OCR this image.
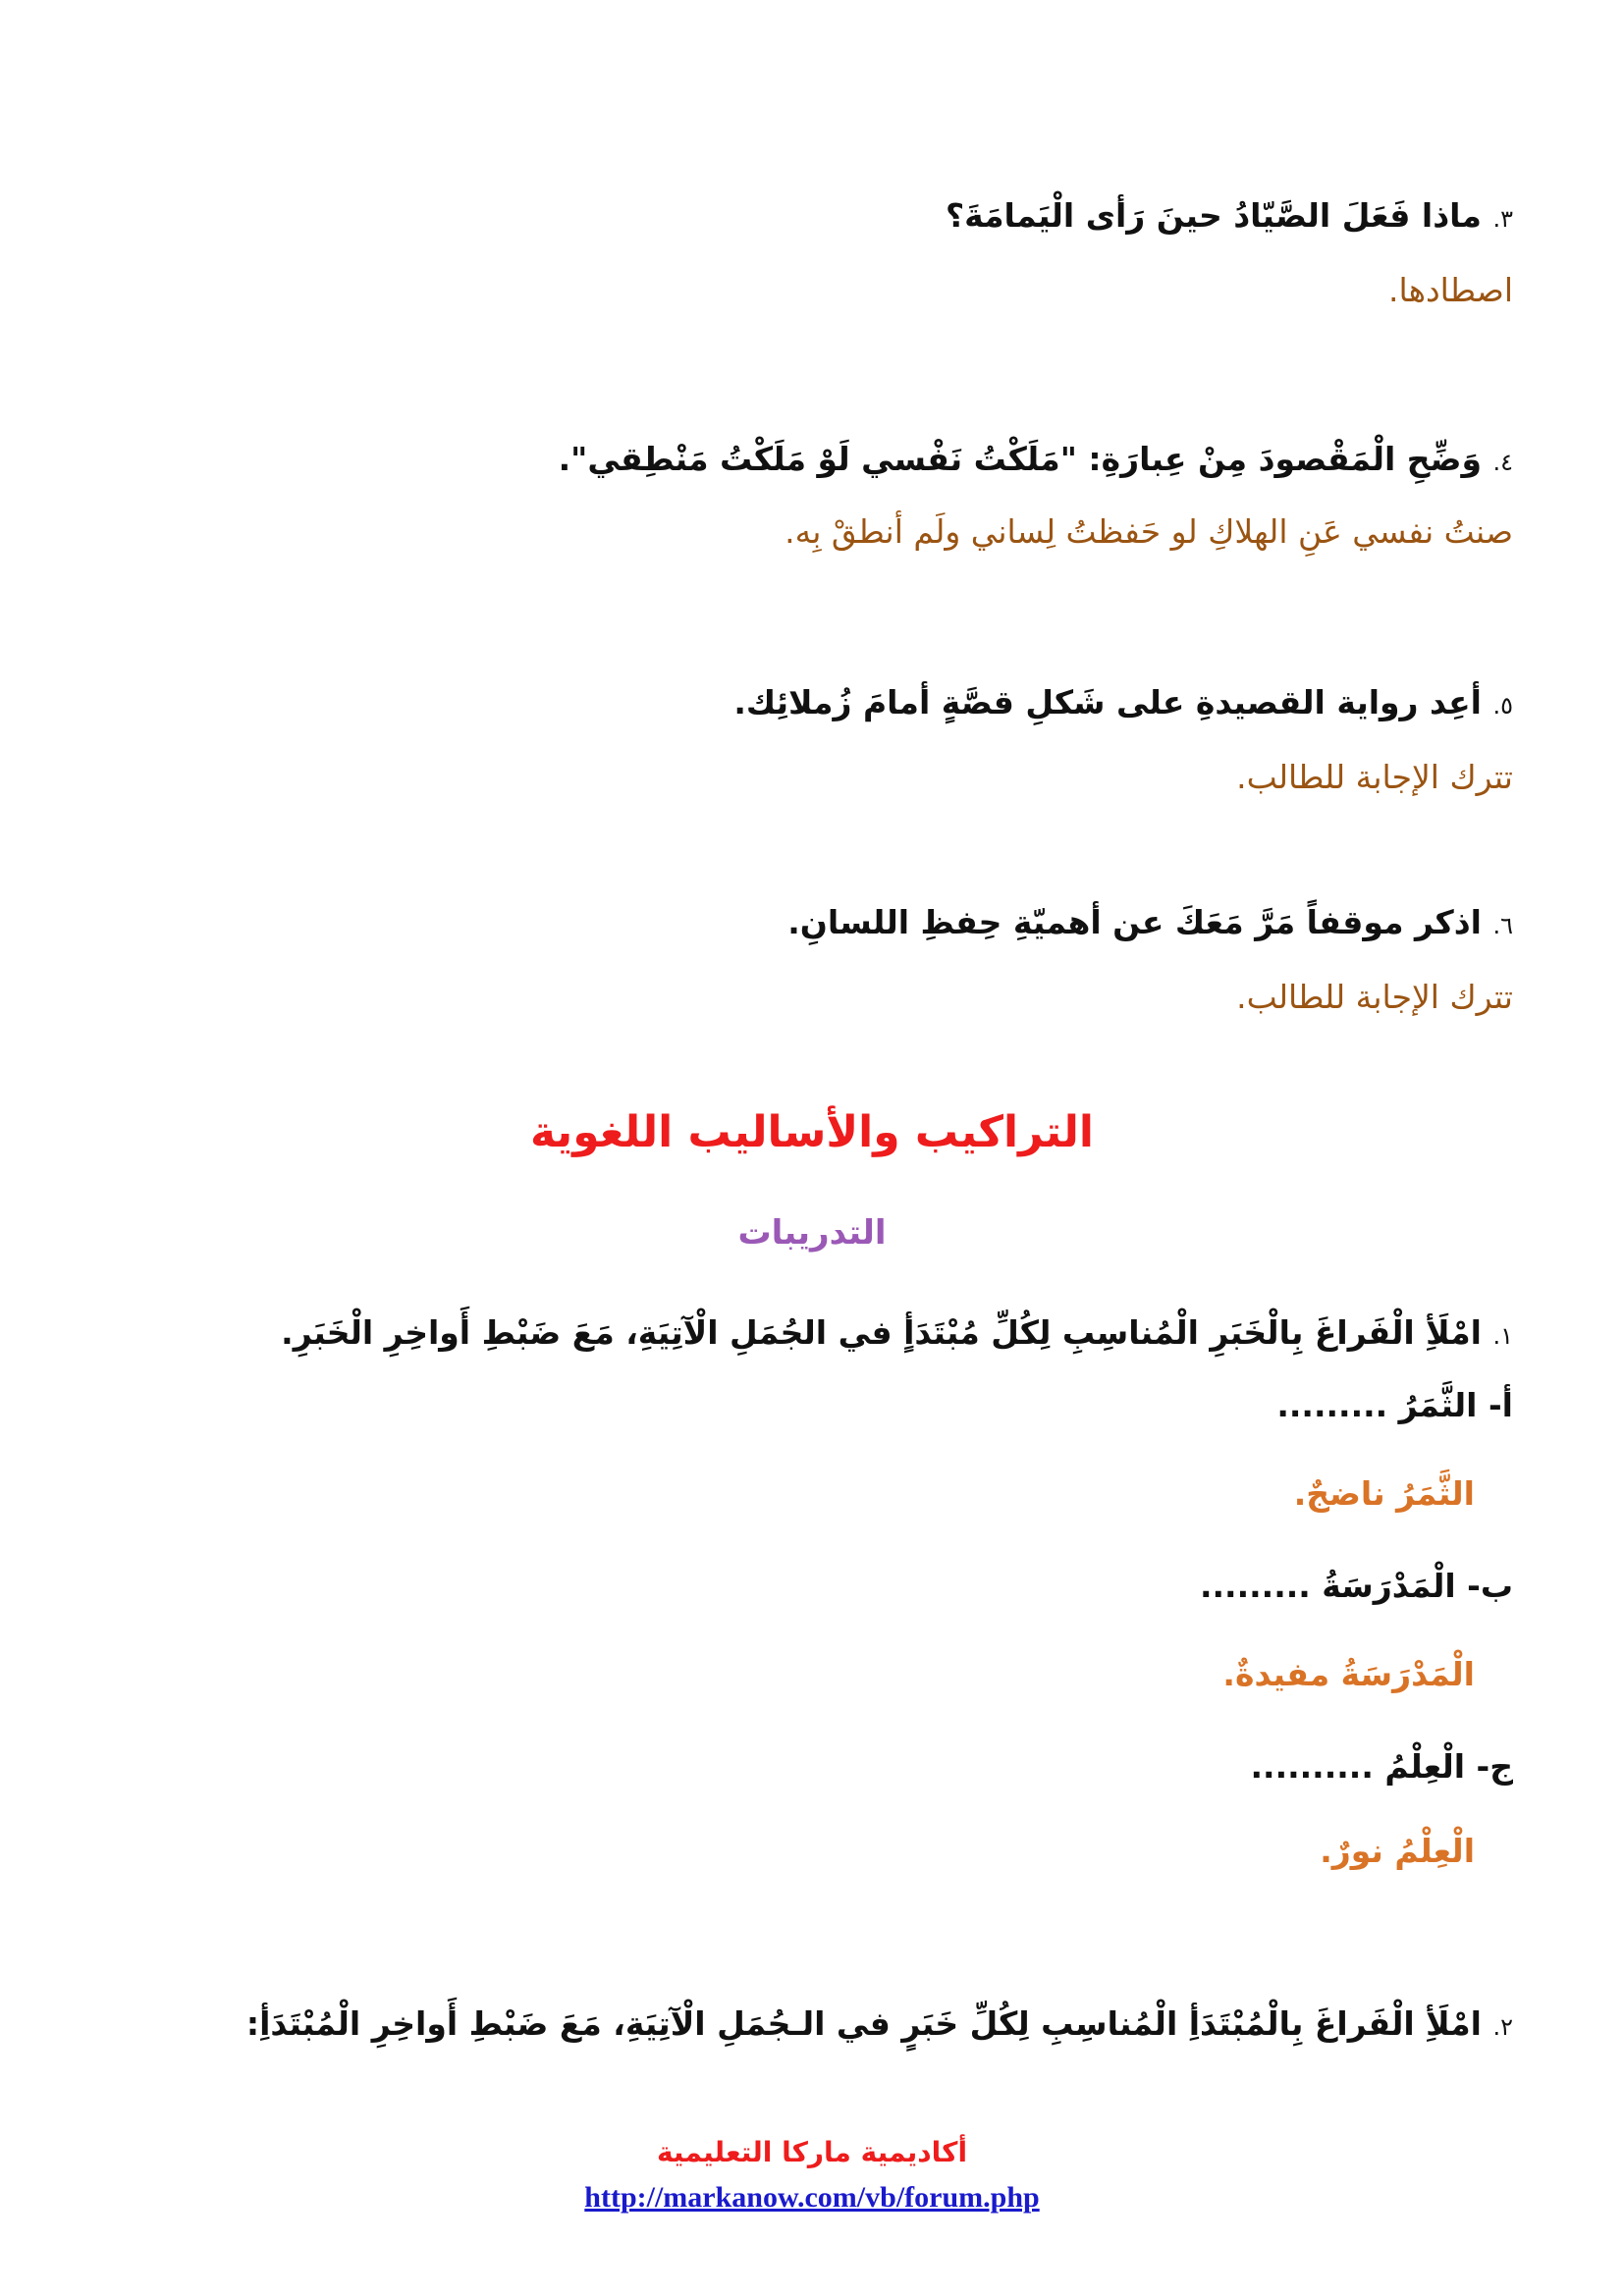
٣. ماذا فَعَلَ الصَّيّادُ حينَ رَأى الْيَمامَةَ؟
اصطادها.
٤. وَضِّحِ الْمَقْصودَ مِنْ عِبارَةِ: "مَلَكْتُ نَفْسي لَوْ مَلَكْتُ مَنْطِقي".
صنتُ نفسي عَنِ الهلاكِ لو حَفظتُ لِساني ولَم أنطقْ بِه.
٥. أعِد رواية القصيدةِ على شَكلِ قصَّةٍ أمامَ زُملائِك.
تترك الإجابة للطالب.
٦. اذكر موقفاً مَرَّ مَعَكَ عن أهميّةِ حِفظِ اللسانِ.
تترك الإجابة للطالب.
التراكيب والأساليب اللغوية
التدريبات
١. امْلَأِ الْفَراغَ بِالْخَبَرِ الْمُناسِبِ لِكُلِّ مُبْتَدَأٍ في الجُمَلِ الْآتِيَةِ، مَعَ ضَبْطِ أَواخِرِ الْخَبَرِ.
أ- الثَّمَرُ .........
الثَّمَرُ ناضجٌ.
ب- الْمَدْرَسَةُ .........
الْمَدْرَسَةُ مفيدةٌ.
ج- الْعِلْمُ ..........
الْعِلْمُ نورٌ.
٢. امْلَأِ الْفَراغَ بِالْمُبْتَدَأِ الْمُناسِبِ لِكُلِّ خَبَرٍ في الـجُمَلِ الْآتِيَةِ، مَعَ ضَبْطِ أَواخِرِ الْمُبْتَدَأِ:
أكاديمية ماركا التعليمية
http://markanow.com/vb/forum.php
